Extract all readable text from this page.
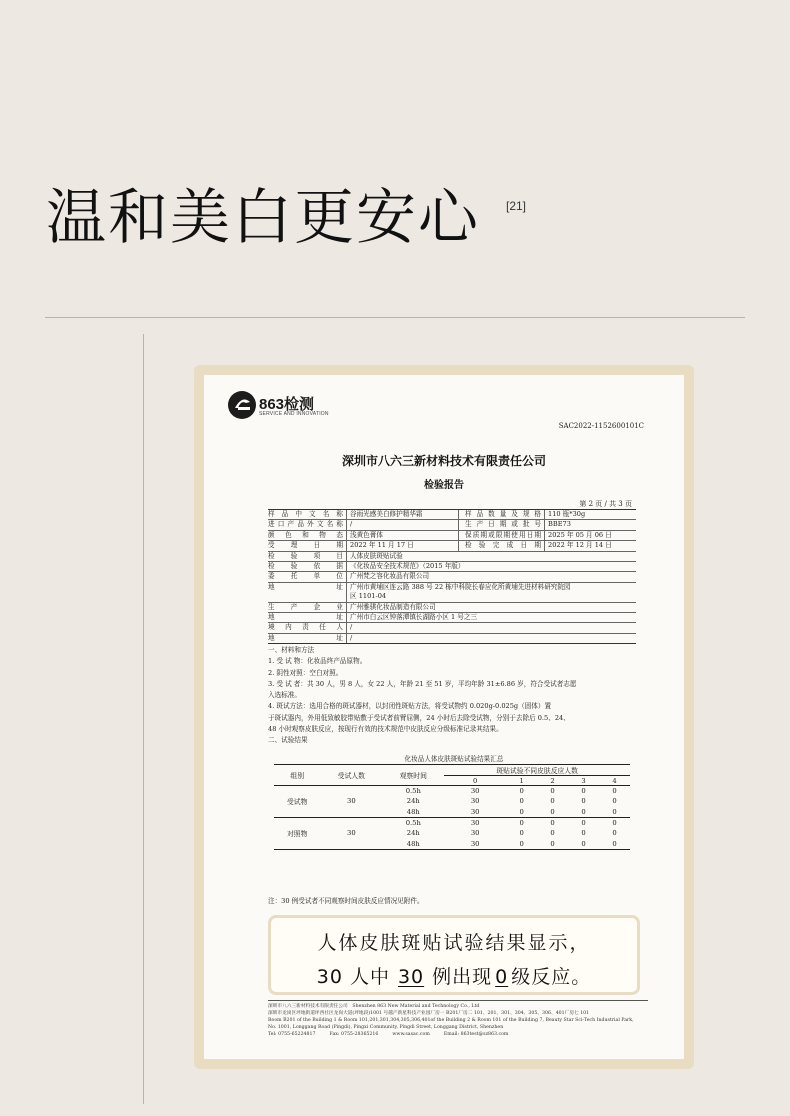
温和美白更安心 [21]
863检测
SERVICE AND INNOVATION
SAC2022-1152600101C
深圳市八六三新材料技术有限责任公司
检验报告
第 2 页 / 共 3 页
样品中文名称	谷雨光感美白修护精华霜	样品数量及规格	110 瓶*30g
进口产品外文名称	/	生产日期或批号	BBE73
颜色和物态	浅黄色膏体	保质期或限期使用日期	2025 年 05 月 06 日
受理日期	2022 年 11 月 17 日	检验完成日期	2022 年 12 月 14 日
检验项目	人体皮肤斑贴试验
检验依据	《化妆品安全技术规范》（2015 年版）
委托单位	广州梵之容化妆品有限公司
地址	广州市黄埔区连云路 388 号 22 栋中科院长春应化所黄埔先进材料研究院园
区 1101-04
生产企业	广州雅骐化妆品制造有限公司
地址	广州市白云区钟落潭镇长湖路小区 1 号之三
境内责任人	/
地址	/
一、材料和方法
1. 受 试 物：化妆品终产品原物。
2. 阴性对照：空白对照。
3. 受 试 者：共 30 人，男 8 人，女 22 人，年龄 21 至 51 岁，平均年龄 31±6.86 岁，符合受试者志愿
入选标准。
4. 斑试方法：选用合格的斑试器材，以封闭性斑贴方法，将受试物约 0.020g-0.025g（固体）置
于斑试器内，外用低致敏胶带贴敷于受试者前臂屈侧，24 小时后去除受试物，分别于去除后 0.5、24、
48 小时观察皮肤反应，按现行有效的技术规范中皮肤反应分级标准记录其结果。
二、试验结果
化妆品人体皮肤斑贴试验结果汇总
组别	受试人数	观察时间	斑贴试验不同皮肤反应人数				
			0	1	2	3	4
受试物	30	0.5h	30	0	0	0	0
		24h	30	0	0	0	0
		48h	30	0	0	0	0
对照物	30	0.5h	30	0	0	0	0
		24h	30	0	0	0	0
		48h	30	0	0	0	0
注：30 例受试者不同观察时间皮肤反应情况见附件。
人体皮肤斑贴试验结果显示，
30 人中 30 例出现 0 级反应。
深圳市八六三新材料技术有限责任公司　Shenzhen 863 New Material and Technology Co., Ltd
深圳市龙岗区坪地街道坪西社区龙岗大道(坪地段)1001 号越产新星科技产业园厂房一 B201厂房二 101、201、301、304、305、306、401厂房七 101
Room B201 of the Building 1 & Room 101,201,301,304,305,306,401of the Building 2 & Room 101 of the Building 7, Beauty Star Sci-Tech Industrial Park,
No. 1001, Longgang Road (Pingdi), Pingxi Community, Pingdi Street, Longgang District, Shenzhen
Tel: 0755-65224817　　　Fax: 0755-28365216　　　www.sasac.com　　　Email: 863test@sz863.com
